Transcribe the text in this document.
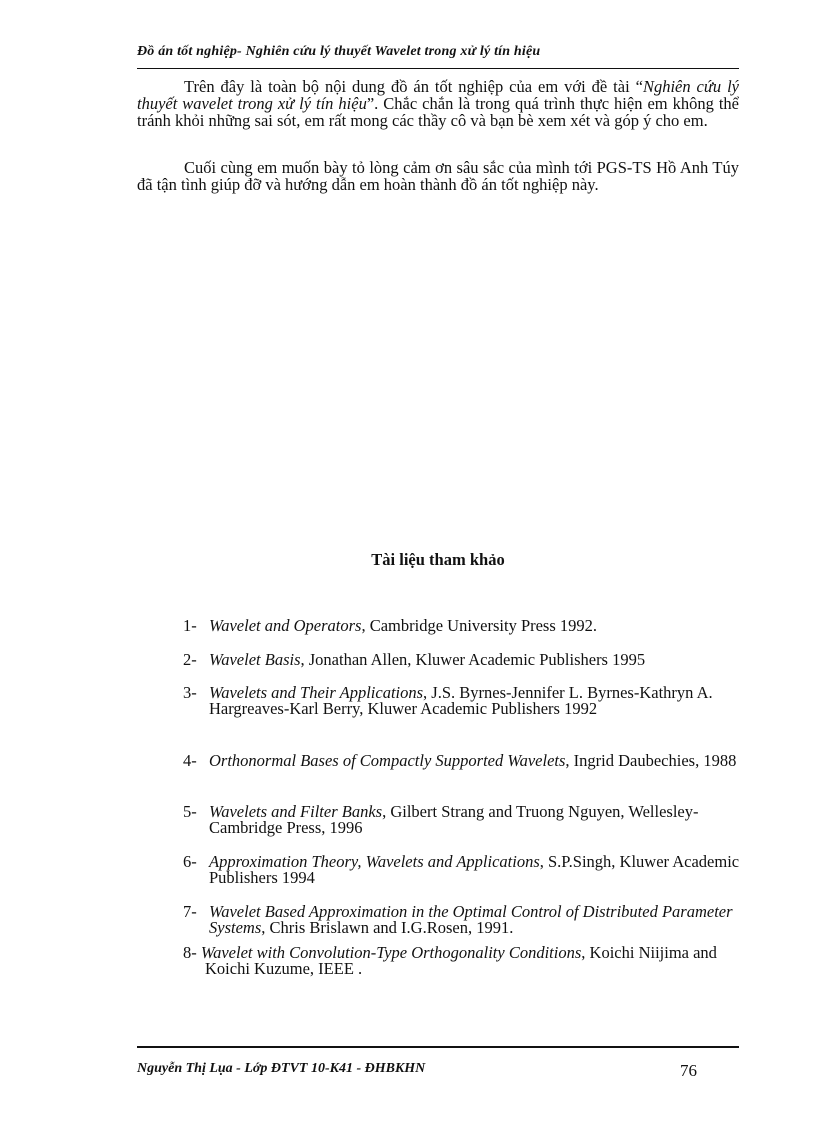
Đồ án tốt nghiệp- Nghiên cứu lý thuyết Wavelet trong xử lý tín hiệu

Trên đây là toàn bộ nội dung đồ án tốt nghiệp của em với đề tài “Nghiên cứu lý thuyết wavelet trong xử lý tín hiệu”. Chắc chắn là trong quá trình thực hiện em không thể tránh khỏi những sai sót, em rất mong các thầy cô và bạn bè xem xét và góp ý cho em.

Cuối cùng em muốn bày tỏ lòng cảm ơn sâu sắc của mình tới PGS-TS Hồ Anh Túy đã tận tình giúp đỡ và hướng dẫn em hoàn thành đồ án tốt nghiệp này.

Tài liệu tham khảo

1- Wavelet and Operators, Cambridge University Press 1992.
2- Wavelet Basis, Jonathan Allen, Kluwer Academic Publishers 1995
3- Wavelets and Their Applications, J.S. Byrnes-Jennifer L. Byrnes-Kathryn A. Hargreaves-Karl Berry, Kluwer Academic Publishers 1992
4- Orthonormal Bases of Compactly Supported Wavelets, Ingrid Daubechies, 1988
5- Wavelets and Filter Banks, Gilbert Strang and Truong Nguyen, Wellesley-Cambridge Press, 1996
6- Approximation Theory, Wavelets and Applications, S.P.Singh, Kluwer Academic Publishers 1994
7- Wavelet Based Approximation in the Optimal Control of Distributed Parameter Systems, Chris Brislawn and I.G.Rosen, 1991.
8- Wavelet with Convolution-Type Orthogonality Conditions, Koichi Niijima and Koichi Kuzume, IEEE .
Nguyễn Thị Lụa - Lớp ĐTVT 10-K41 - ĐHBKHN	76
